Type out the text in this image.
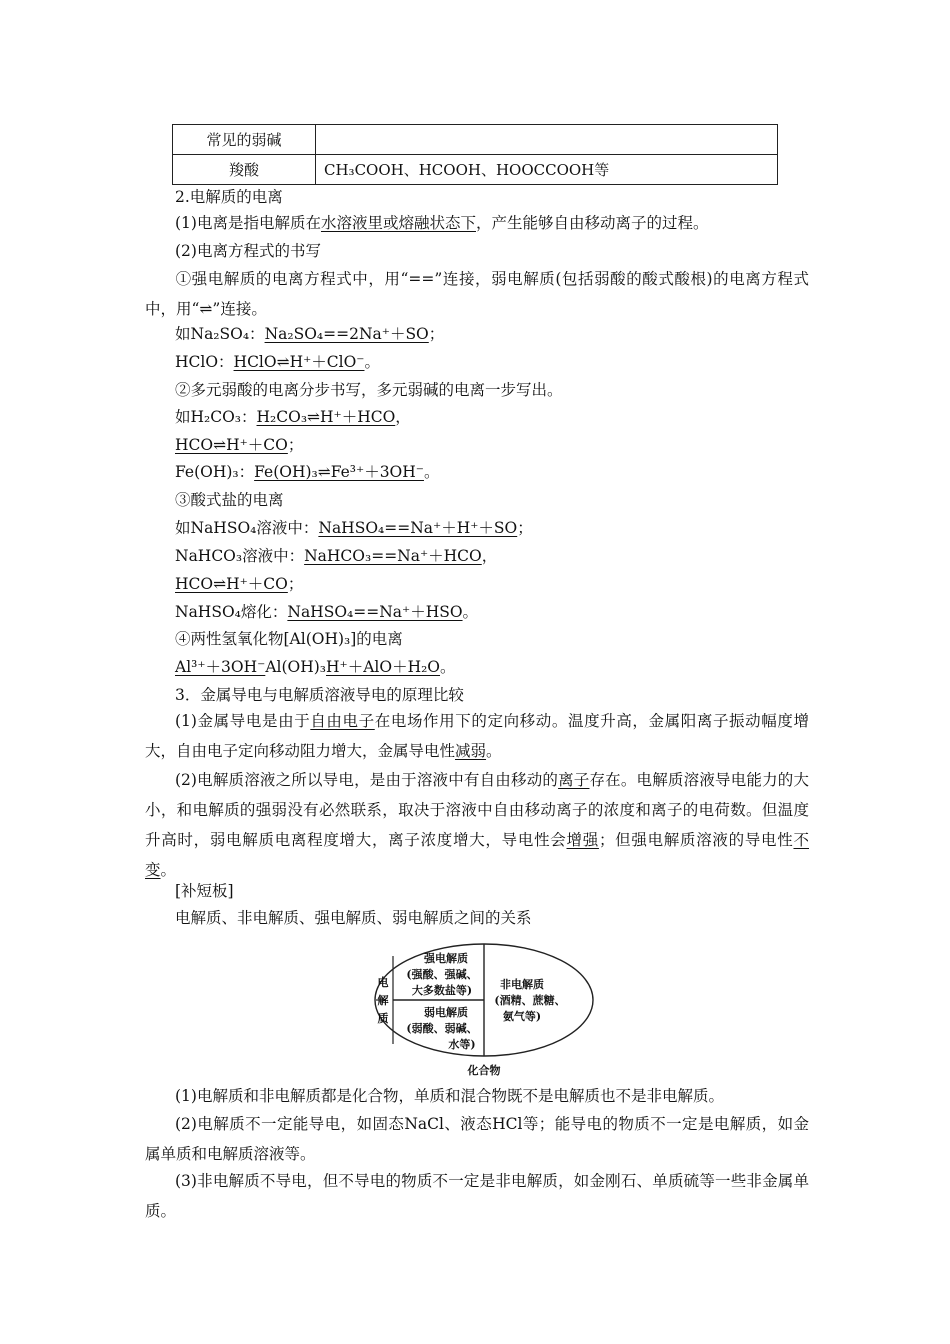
常见的弱碱	
羧酸	CH₃COOH、HCOOH、HOOCCOOH等
2.电解质的电离
(1)电离是指电解质在水溶液里或熔融状态下，产生能够自由移动离子的过程。
(2)电离方程式的书写
①强电解质的电离方程式中，用“==”连接，弱电解质(包括弱酸的酸式酸根)的电离方程式中，用“⇌”连接。
如Na₂SO₄：Na₂SO₄==2Na⁺＋SO；
HClO：HClO⇌H⁺＋ClO⁻。
②多元弱酸的电离分步书写，多元弱碱的电离一步写出。
如H₂CO₃：H₂CO₃⇌H⁺＋HCO，
HCO⇌H⁺＋CO；
Fe(OH)₃：Fe(OH)₃⇌Fe³⁺＋3OH⁻。
③酸式盐的电离
如NaHSO₄溶液中：NaHSO₄==Na⁺＋H⁺＋SO；
NaHCO₃溶液中：NaHCO₃==Na⁺＋HCO，
HCO⇌H⁺＋CO；
NaHSO₄熔化：NaHSO₄==Na⁺＋HSO。
④两性氢氧化物[Al(OH)₃]的电离
Al³⁺＋3OH⁻Al(OH)₃H⁺＋AlO＋H₂O。
3．金属导电与电解质溶液导电的原理比较
(1)金属导电是由于自由电子在电场作用下的定向移动。温度升高，金属阳离子振动幅度增大，自由电子定向移动阻力增大，金属导电性减弱。
(2)电解质溶液之所以导电，是由于溶液中有自由移动的离子存在。电解质溶液导电能力的大小，和电解质的强弱没有必然联系，取决于溶液中自由移动离子的浓度和离子的电荷数。但温度升高时，弱电解质电离程度增大，离子浓度增大，导电性会增强；但强电解质溶液的导电性不变。
[补短板]
电解质、非电解质、强电解质、弱电解质之间的关系
电
解
质
强电解质
(强酸、强碱、
大多数盐等)
弱电解质
(弱酸、弱碱、
水等)
非电解质
(酒精、蔗糖、
氨气等)
化合物
(1)电解质和非电解质都是化合物，单质和混合物既不是电解质也不是非电解质。
(2)电解质不一定能导电，如固态NaCl、液态HCl等；能导电的物质不一定是电解质，如金属单质和电解质溶液等。
(3)非电解质不导电，但不导电的物质不一定是非电解质，如金刚石、单质硫等一些非金属单质。
